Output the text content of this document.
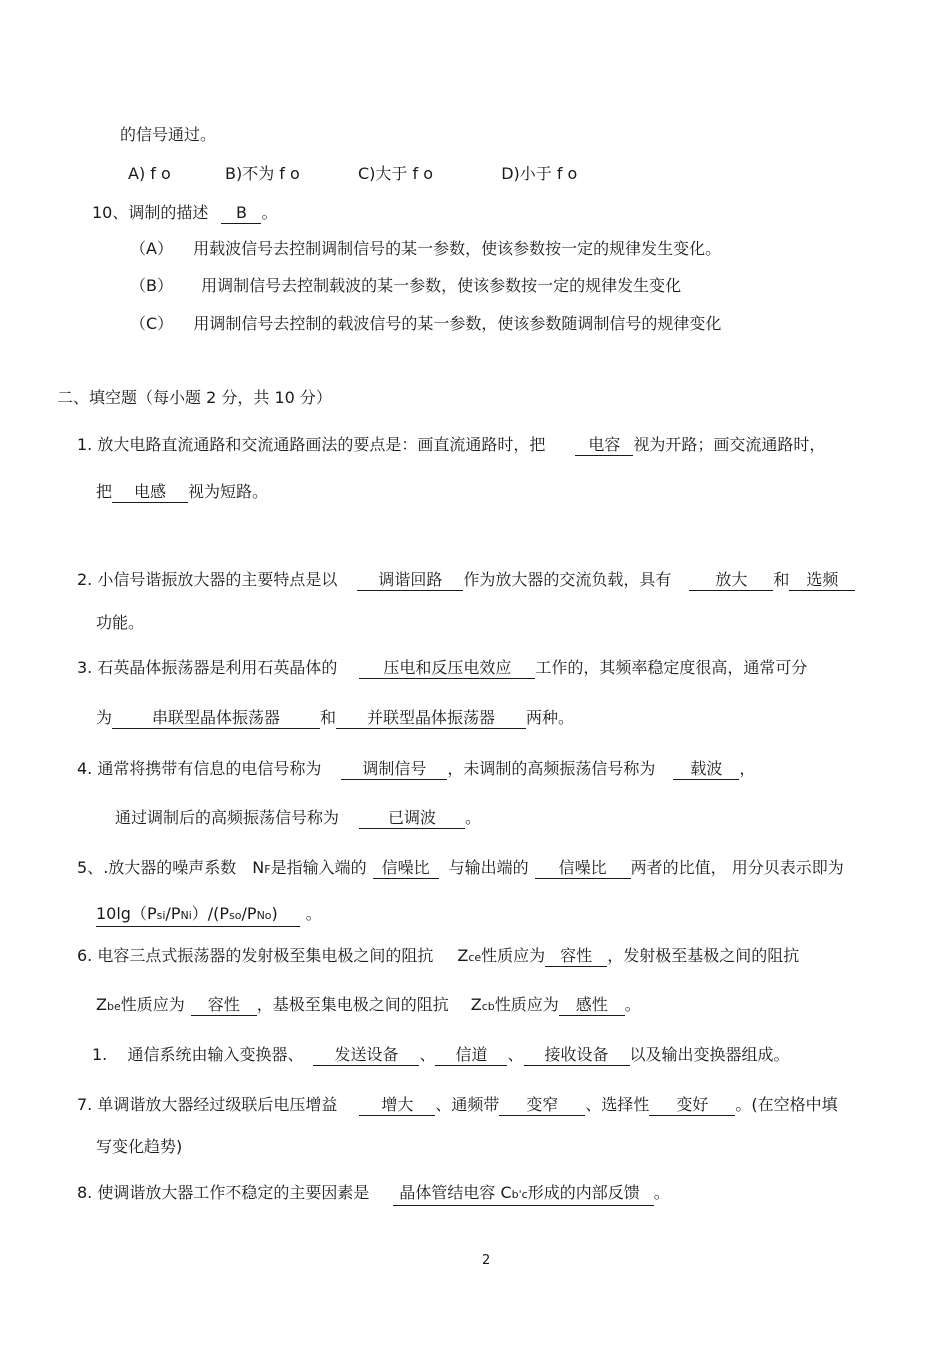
的信号通过。
A) f o	B)不为 f o	C)大于 f o	D)小于 f o
10、调制的描述 B 。
（A） 用载波信号去控制调制信号的某一参数，使该参数按一定的规律发生变化。
（B） 用调制信号去控制载波的某一参数，使该参数按一定的规律发生变化
（C） 用调制信号去控制的载波信号的某一参数，使该参数随调制信号的规律变化
二、填空题（每小题 2 分，共 10 分）
1. 放大电路直流通路和交流通路画法的要点是：画直流通路时，把	电容 视为开路；画交流通路时，
把 电感 视为短路。
2. 小信号谐振放大器的主要特点是以	调谐回路 作为放大器的交流负载，具有	放大 和 选频
功能。
3. 石英晶体振荡器是利用石英晶体的	压电和反压电效应 工作的，其频率稳定度很高，通常可分
为 串联型晶体振荡器	和 并联型晶体振荡器 两种。
4. 通常将携带有信息的电信号称为	调制信号 ，未调制的高频振荡信号称为 载波 ，
通过调制后的高频振荡信号称为	已调波 。
5、.放大器的噪声系数 NF是指输入端的 信噪比 与输出端的 信噪比 两者的比值， 用分贝表示即为
10lg（Psi/PNi）/(Pso/PNo) 。
6. 电容三点式振荡器的发射极至集电极之间的阻抗 Zce性质应为 容性 ，发射极至基极之间的阻抗
Zbe性质应为 容性 ，基极至集电极之间的阻抗 Zcb性质应为 感性 。
1. 通信系统由输入变换器、 发送设备 、 信道 、 接收设备 以及输出变换器组成。
7. 单调谐放大器经过级联后电压增益	增大 、通频带 变窄 、选择性 变好 。(在空格中填
写变化趋势)
8. 使调谐放大器工作不稳定的主要因素是 晶体管结电容 Cb'c形成的内部反馈 。
2
